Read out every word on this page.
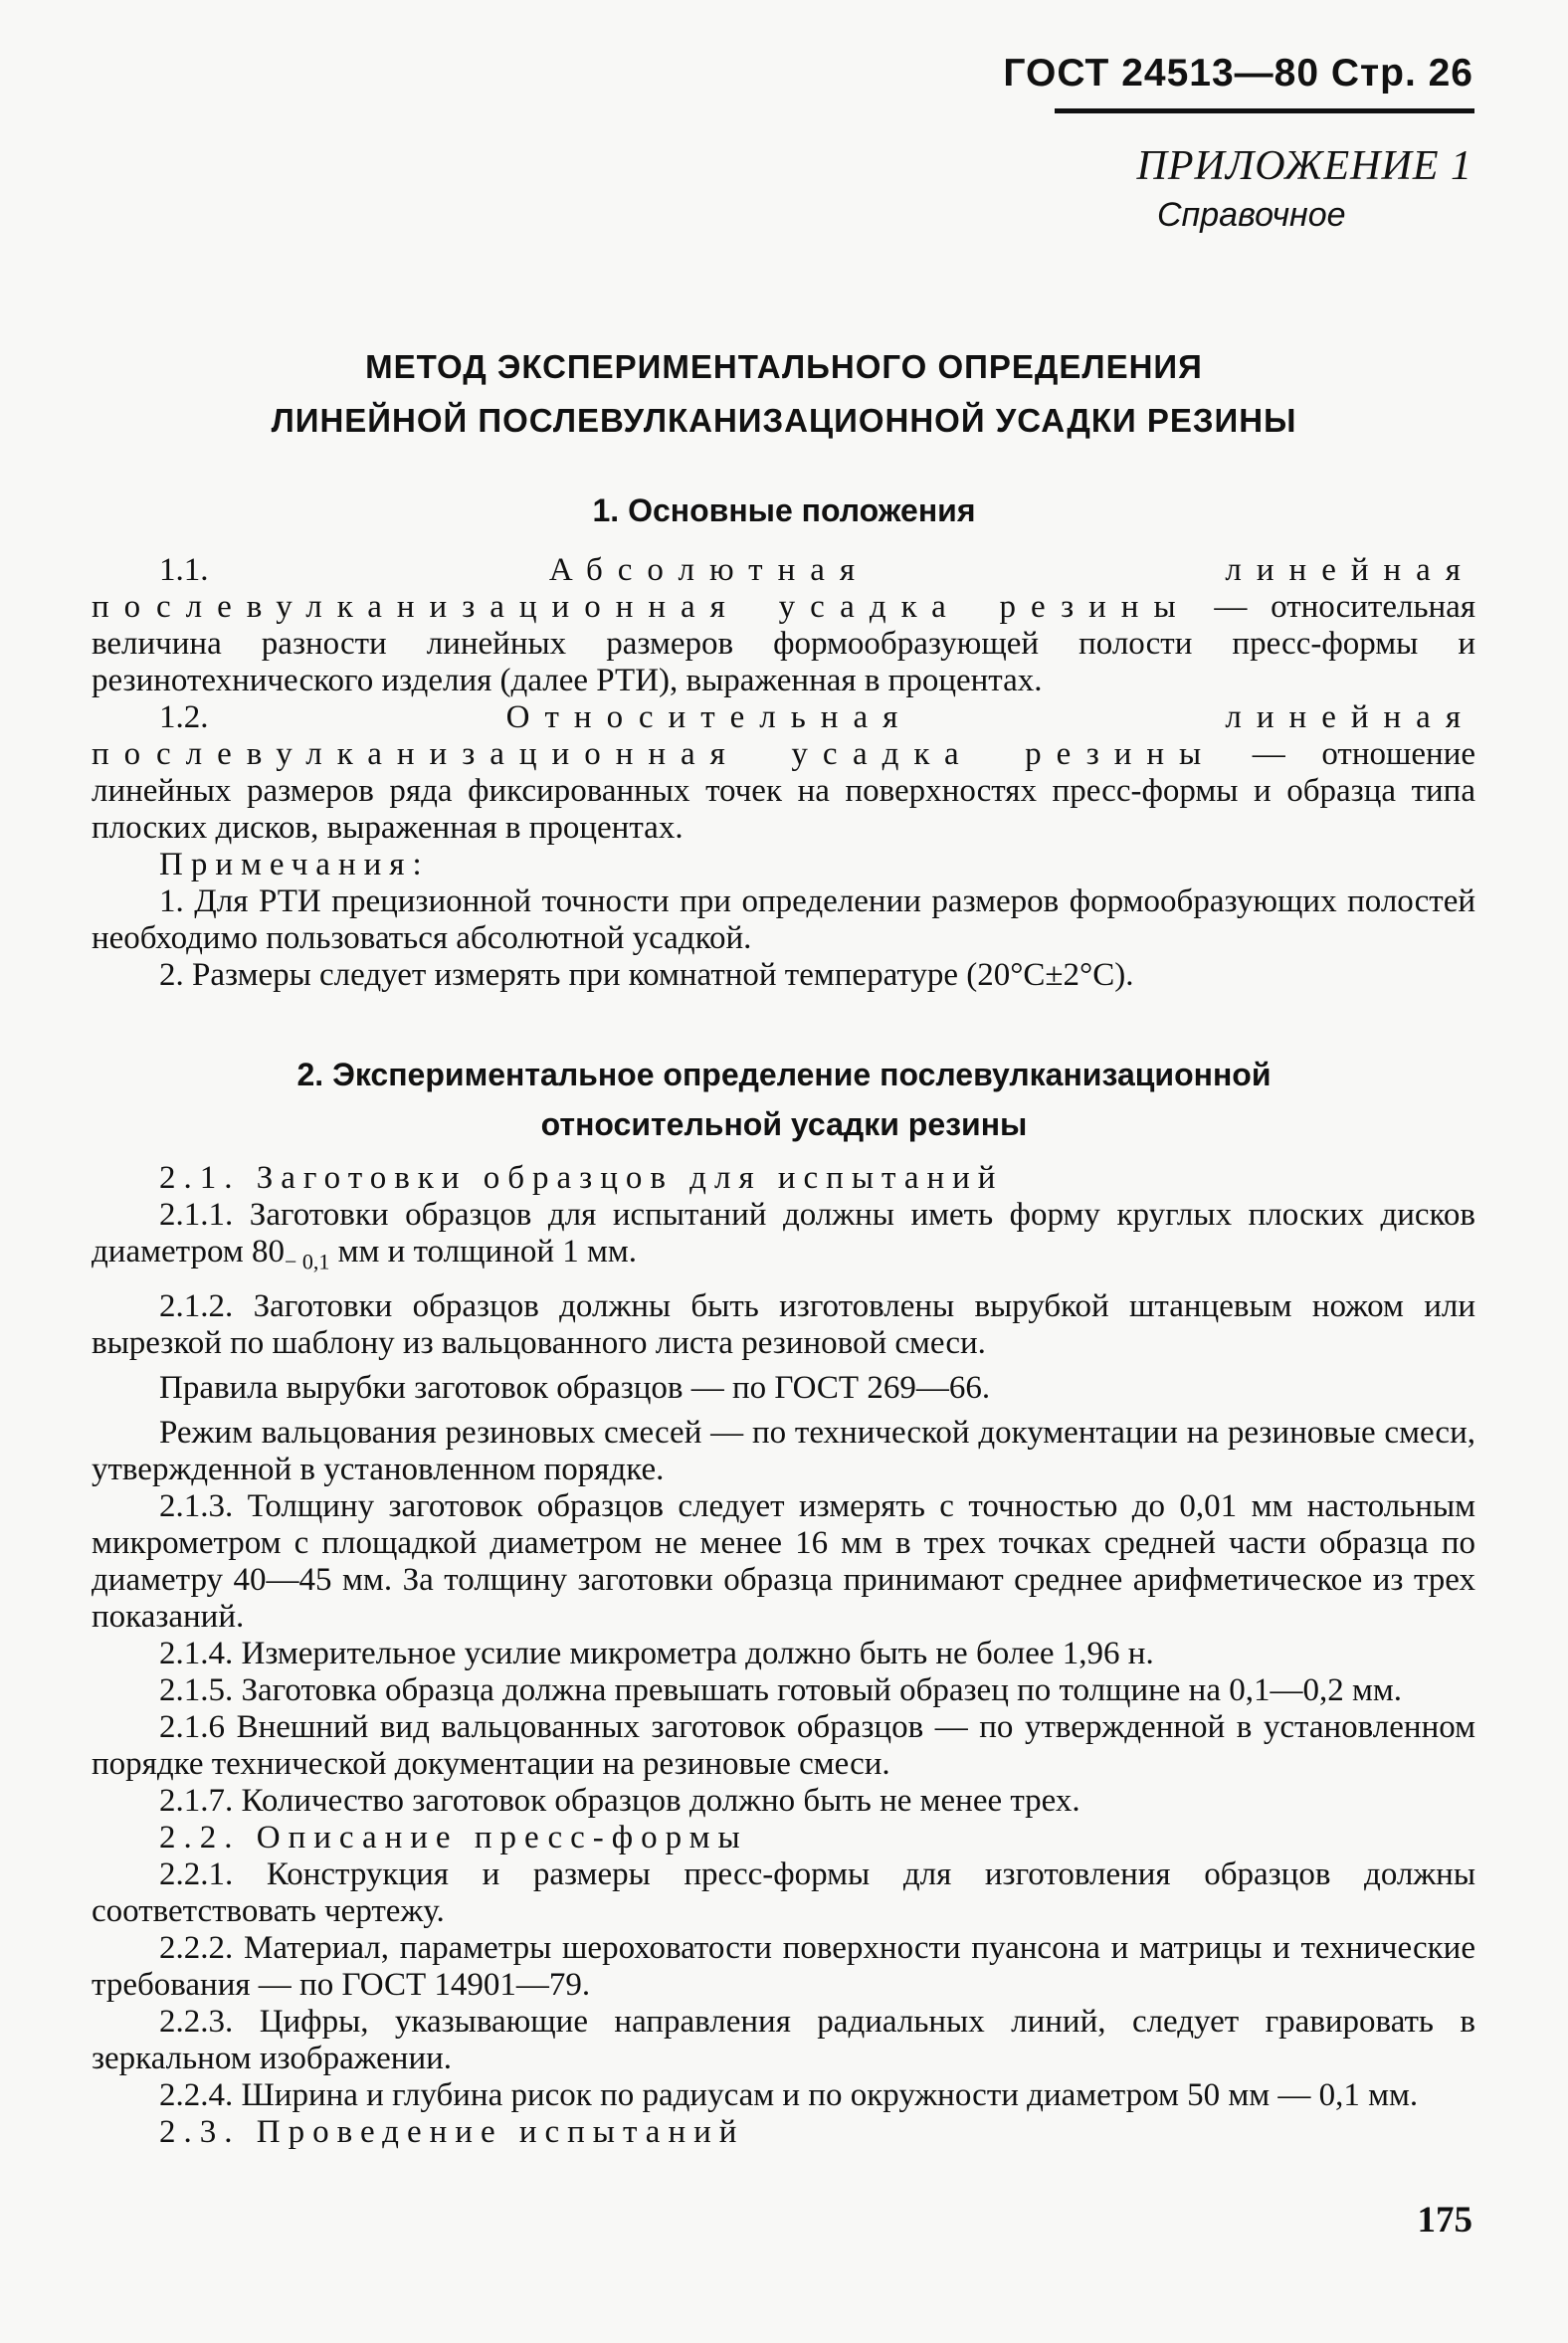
ГОСТ 24513—80 Стр. 26
ПРИЛОЖЕНИЕ 1
Справочное
МЕТОД ЭКСПЕРИМЕНТАЛЬНОГО ОПРЕДЕЛЕНИЯ
ЛИНЕЙНОЙ ПОСЛЕВУЛКАНИЗАЦИОННОЙ УСАДКИ РЕЗИНЫ
1. Основные положения

1.1.	Абсолютная линейная послевулканизационная усадка резины — относительная величина разности линейных размеров формообразующей полости пресс-формы и резинотехнического изделия (далее РТИ), выраженная в процентах.

1.2.	Относительная линейная послевулканизационная усадка резины — отношение линейных размеров ряда фиксированных точек на поверхностях пресс-формы и образца типа плоских дисков, выраженная в процентах.

Примечания:

1. Для РТИ прецизионной точности при определении размеров формообразующих полостей необходимо пользоваться абсолютной усадкой.

2. Размеры следует измерять при комнатной температуре (20°С±2°С).

2. Экспериментальное определение послевулканизационной
относительной усадки резины

2.1. Заготовки образцов для испытаний

2.1.1. Заготовки образцов для испытаний должны иметь форму круглых плоских дисков диаметром $80_{- 0,1}$ мм и толщиной 1 мм.

2.1.2. Заготовки образцов должны быть изготовлены вырубкой штанцевым ножом или вырезкой по шаблону из вальцованного листа резиновой смеси.

Правила вырубки заготовок образцов — по ГОСТ 269—66.

Режим вальцования резиновых смесей — по технической документации на резиновые смеси, утвержденной в установленном порядке.

2.1.3. Толщину заготовок образцов следует измерять с точностью до 0,01 мм настольным микрометром с площадкой диаметром не менее 16 мм в трех точках средней части образца по диаметру 40—45 мм. За толщину заготовки образца принимают среднее арифметическое из трех показаний.

2.1.4. Измерительное усилие микрометра должно быть не более 1,96 н.

2.1.5. Заготовка образца должна превышать готовый образец по толщине на 0,1—0,2 мм.

2.1.6 Внешний вид вальцованных заготовок образцов — по утвержденной в установленном порядке технической документации на резиновые смеси.

2.1.7. Количество заготовок образцов должно быть не менее трех.

2.2. Описание пресс-формы

2.2.1. Конструкция и размеры пресс-формы для изготовления образцов должны соответствовать чертежу.

2.2.2. Материал, параметры шероховатости поверхности пуансона и матрицы и технические требования — по ГОСТ 14901—79.

2.2.3. Цифры, указывающие направления радиальных линий, следует гравировать в зеркальном изображении.

2.2.4. Ширина и глубина рисок по радиусам и по окружности диаметром 50 мм — 0,1 мм.

2.3. Проведение испытаний

175
